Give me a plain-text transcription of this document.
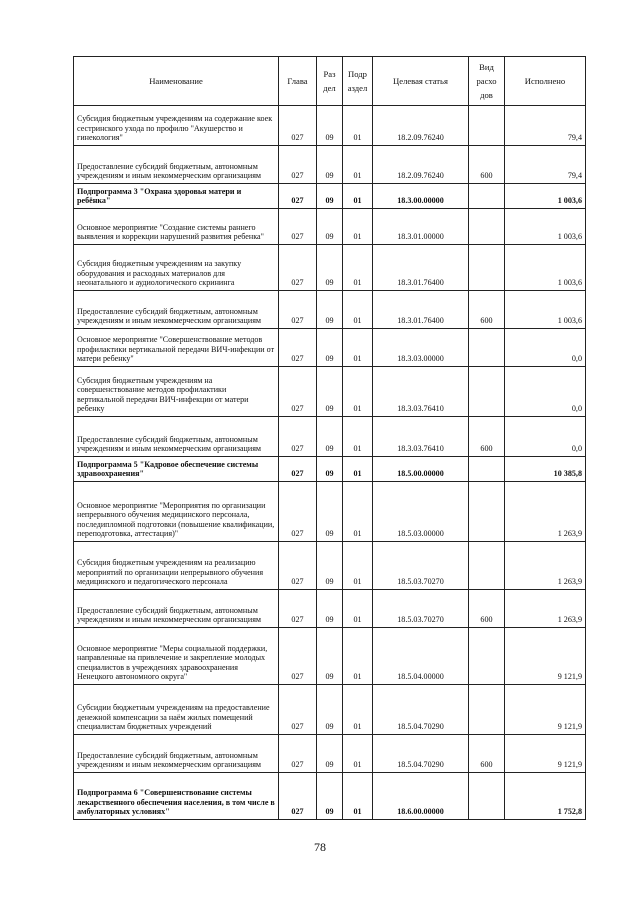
Наименование	Глава	Раз дел	Подр аздел	Целевая статья	Вид расхо дов	Исполнено
Субсидия бюджетным учреждениям на содержание коек сестринского ухода по профилю "Акушерство и гинекология"	027	09	01	18.2.09.76240		79,4
Предоставление субсидий бюджетным, автономным учреждениям и иным некоммерческим организациям	027	09	01	18.2.09.76240	600	79,4
Подпрограмма 3 "Охрана здоровья матери и ребёнка"	027	09	01	18.3.00.00000		1 003,6
Основное мероприятие "Создание системы раннего выявления и коррекции нарушений развития ребенка"	027	09	01	18.3.01.00000		1 003,6
Субсидия бюджетным учреждениям на закупку оборудования и расходных материалов для неонатального и аудиологического скрининга	027	09	01	18.3.01.76400		1 003,6
Предоставление субсидий бюджетным, автономным учреждениям и иным некоммерческим организациям	027	09	01	18.3.01.76400	600	1 003,6
Основное мероприятие "Совершенствование методов профилактики вертикальной передачи ВИЧ-инфекции от матери ребенку"	027	09	01	18.3.03.00000		0,0
Субсидия бюджетным учреждениям на совершенствование методов профилактики вертикальной передачи ВИЧ-инфекции от матери ребенку	027	09	01	18.3.03.76410		0,0
Предоставление субсидий бюджетным, автономным учреждениям и иным некоммерческим организациям	027	09	01	18.3.03.76410	600	0,0
Подпрограмма 5 "Кадровое обеспечение системы здравоохранения"	027	09	01	18.5.00.00000		10 385,8
Основное мероприятие "Мероприятия по организации непрерывного обучения медицинского персонала, последипломной подготовки (повышение квалификации, переподготовка, аттестация)"	027	09	01	18.5.03.00000		1 263,9
Субсидия бюджетным учреждениям на реализацию мероприятий по организации непрерывного обучения медицинского и педагогического персонала	027	09	01	18.5.03.70270		1 263,9
Предоставление субсидий бюджетным, автономным учреждениям и иным некоммерческим организациям	027	09	01	18.5.03.70270	600	1 263,9
Основное мероприятие "Меры социальной поддержки, направленные на привлечение и закрепление молодых специалистов в учреждениях здравоохранения Ненецкого автономного округа"	027	09	01	18.5.04.00000		9 121,9
Субсидии бюджетным учреждениям на предоставление денежной компенсации за наём жилых помещений специалистам бюджетных учреждений	027	09	01	18.5.04.70290		9 121,9
Предоставление субсидий бюджетным, автономным учреждениям и иным некоммерческим организациям	027	09	01	18.5.04.70290	600	9 121,9
Подпрограмма 6 "Совершенствование системы лекарственного обеспечения населения, в том числе в амбулаторных условиях"	027	09	01	18.6.00.00000		1 752,8
78
